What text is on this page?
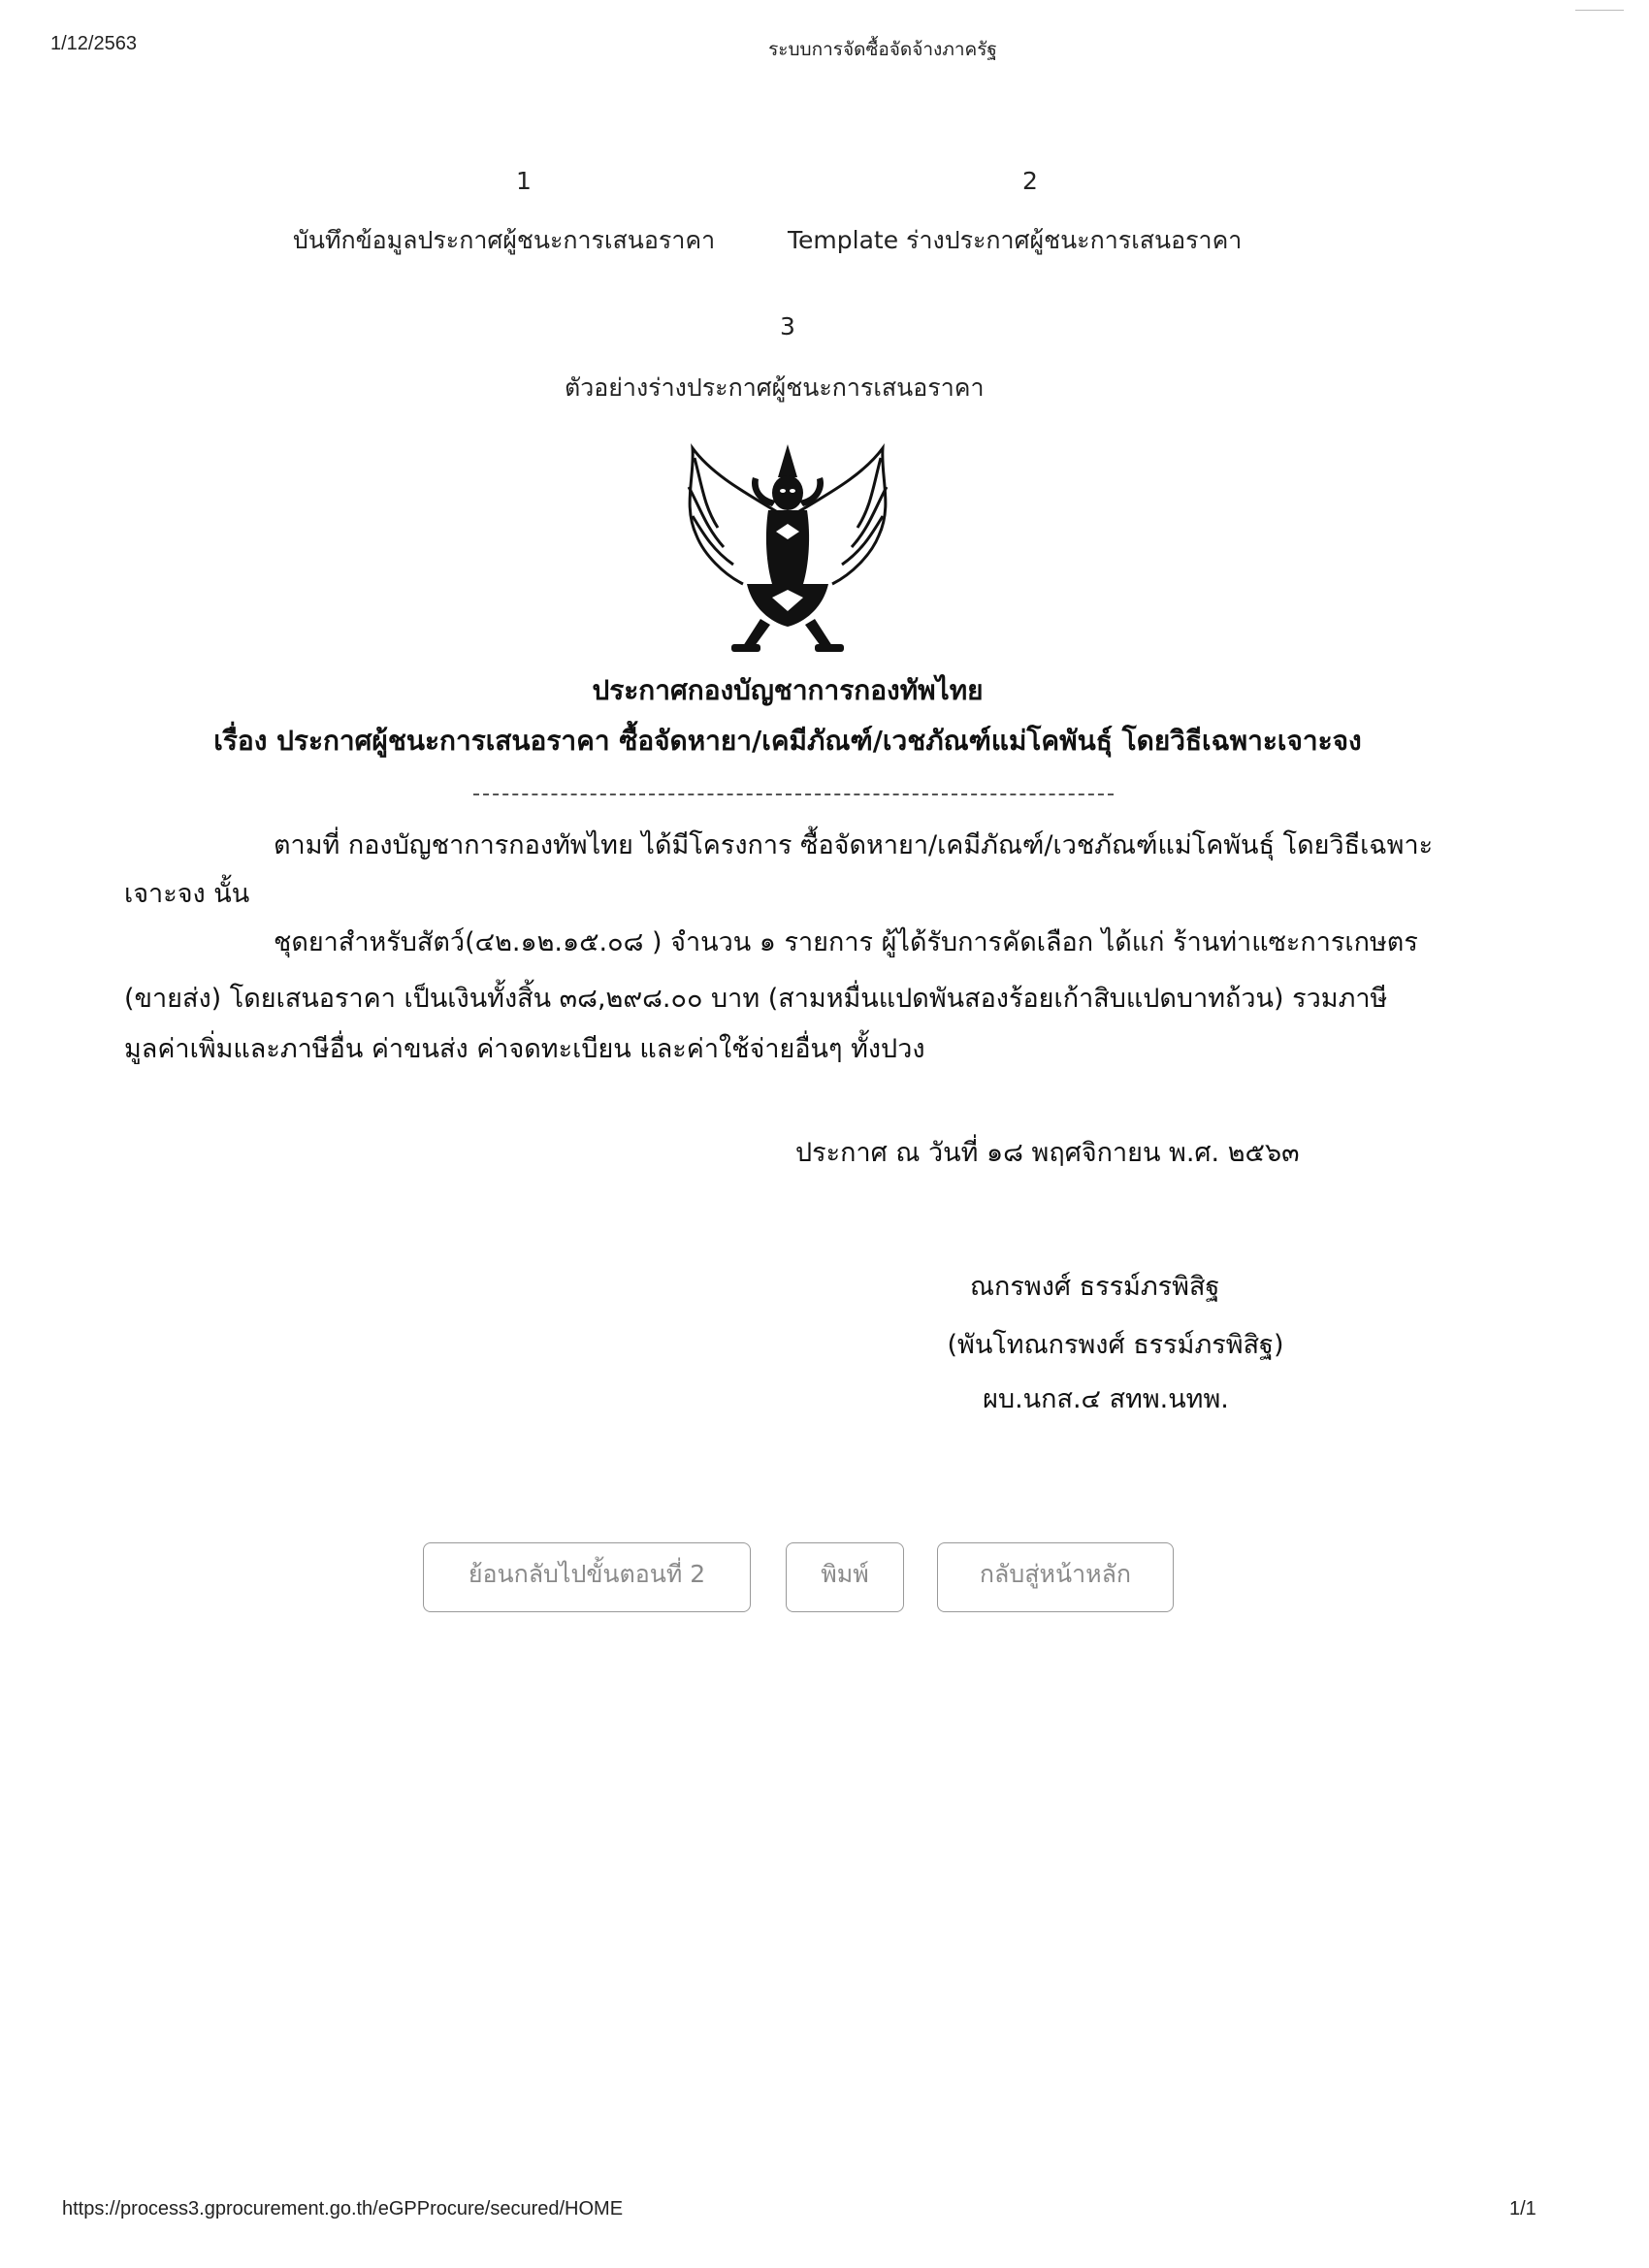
1/12/2563	ระบบการจัดซื้อจัดจ้างภาครัฐ
1	2
บันทึกข้อมูลประกาศผู้ชนะการเสนอราคา	Template ร่างประกาศผู้ชนะการเสนอราคา
3
ตัวอย่างร่างประกาศผู้ชนะการเสนอราคา
ประกาศกองบัญชาการกองทัพไทย
เรื่อง ประกาศผู้ชนะการเสนอราคา ซื้อจัดหายา/เคมีภัณฑ์/เวชภัณฑ์แม่โคพันธุ์ โดยวิธีเฉพาะเจาะจง
ตามที่ กองบัญชาการกองทัพไทย ได้มีโครงการ ซื้อจัดหายา/เคมีภัณฑ์/เวชภัณฑ์แม่โคพันธุ์ โดยวิธีเฉพาะ
เจาะจง นั้น
ชุดยาสำหรับสัตว์(๔๒.๑๒.๑๕.๐๘ ) จำนวน ๑ รายการ ผู้ได้รับการคัดเลือก ได้แก่ ร้านท่าแซะการเกษตร
(ขายส่ง) โดยเสนอราคา เป็นเงินทั้งสิ้น ๓๘,๒๙๘.๐๐ บาท (สามหมื่นแปดพันสองร้อยเก้าสิบแปดบาทถ้วน) รวมภาษี
มูลค่าเพิ่มและภาษีอื่น ค่าขนส่ง ค่าจดทะเบียน และค่าใช้จ่ายอื่นๆ ทั้งปวง
ประกาศ ณ วันที่ ๑๘ พฤศจิกายน พ.ศ. ๒๕๖๓
ณกรพงศ์ ธรรม์ภรพิสิฐ
(พันโทณกรพงศ์ ธรรม์ภรพิสิฐ)
ผบ.นกส.๔ สทพ.นทพ.
ย้อนกลับไปขั้นตอนที่ 2	พิมพ์	กลับสู่หน้าหลัก
https://process3.gprocurement.go.th/eGPProcure/secured/HOME	1/1
